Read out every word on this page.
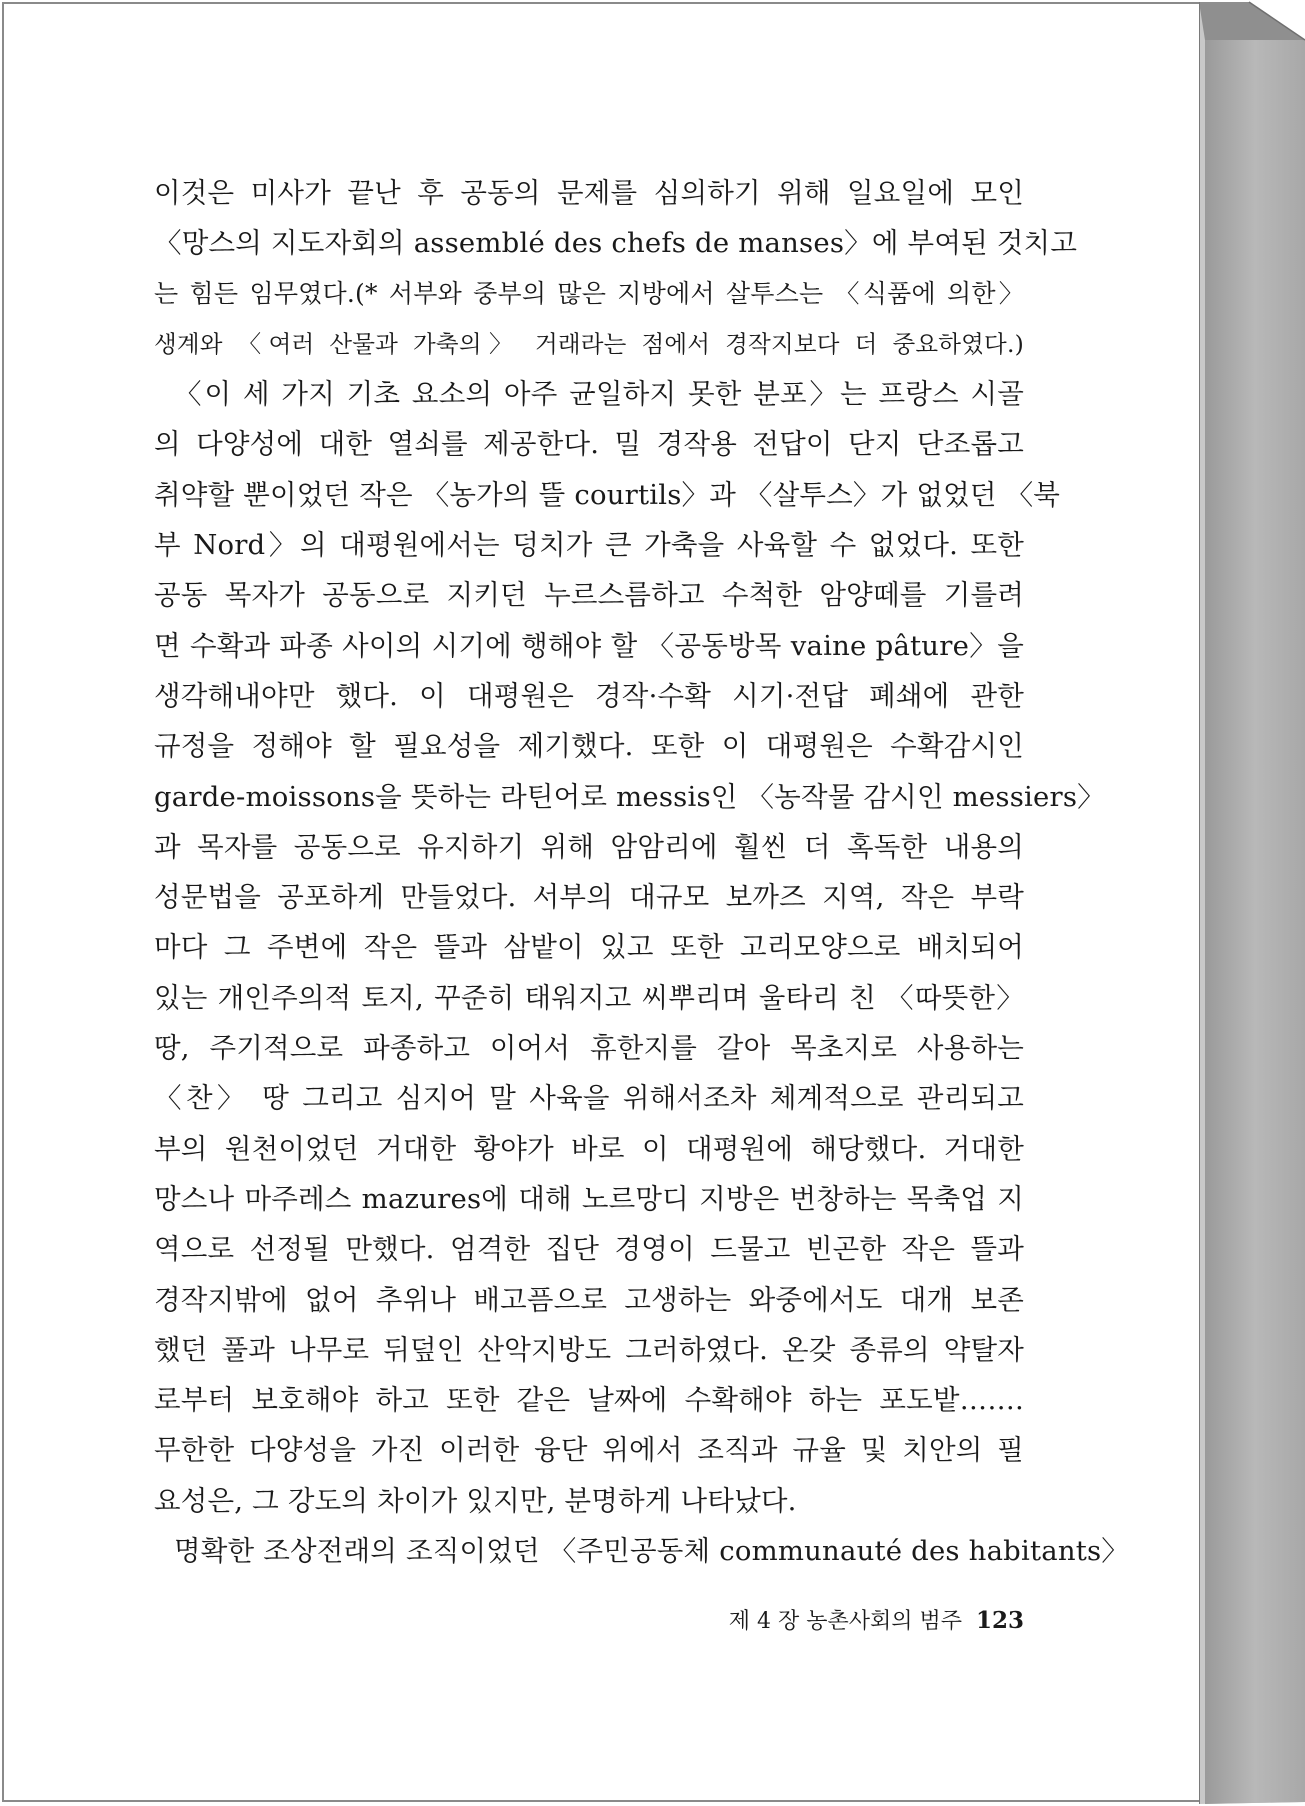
이것은 미사가 끝난 후 공동의 문제를 심의하기 위해 일요일에 모인
〈망스의 지도자회의 assemblé des chefs de manses〉에 부여된 것치고
는 힘든 임무였다.(* 서부와 중부의 많은 지방에서 살투스는 〈식품에 의한〉
생계와 〈여러 산물과 가축의〉 거래라는 점에서 경작지보다 더 중요하였다.)
〈이 세 가지 기초 요소의 아주 균일하지 못한 분포〉는 프랑스 시골
의 다양성에 대한 열쇠를 제공한다. 밀 경작용 전답이 단지 단조롭고
취약할 뿐이었던 작은 〈농가의 뜰 courtils〉과 〈살투스〉가 없었던 〈북
부 Nord〉의 대평원에서는 덩치가 큰 가축을 사육할 수 없었다. 또한
공동 목자가 공동으로 지키던 누르스름하고 수척한 암양떼를 기를려
면 수확과 파종 사이의 시기에 행해야 할 〈공동방목 vaine pâture〉을
생각해내야만 했다. 이 대평원은 경작·수확 시기·전답 폐쇄에 관한
규정을 정해야 할 필요성을 제기했다. 또한 이 대평원은 수확감시인
garde-moissons을 뜻하는 라틴어로 messis인 〈농작물 감시인 messiers〉
과 목자를 공동으로 유지하기 위해 암암리에 훨씬 더 혹독한 내용의
성문법을 공포하게 만들었다. 서부의 대규모 보까즈 지역, 작은 부락
마다 그 주변에 작은 뜰과 삼밭이 있고 또한 고리모양으로 배치되어
있는 개인주의적 토지, 꾸준히 태워지고 씨뿌리며 울타리 친 〈따뜻한〉
땅, 주기적으로 파종하고 이어서 휴한지를 갈아 목초지로 사용하는
〈찬〉 땅 그리고 심지어 말 사육을 위해서조차 체계적으로 관리되고
부의 원천이었던 거대한 황야가 바로 이 대평원에 해당했다. 거대한
망스나 마주레스 mazures에 대해 노르망디 지방은 번창하는 목축업 지
역으로 선정될 만했다. 엄격한 집단 경영이 드물고 빈곤한 작은 뜰과
경작지밖에 없어 추위나 배고픔으로 고생하는 와중에서도 대개 보존
했던 풀과 나무로 뒤덮인 산악지방도 그러하였다. 온갖 종류의 약탈자
로부터 보호해야 하고 또한 같은 날짜에 수확해야 하는 포도밭…….
무한한 다양성을 가진 이러한 융단 위에서 조직과 규율 및 치안의 필
요성은, 그 강도의 차이가 있지만, 분명하게 나타났다.
명확한 조상전래의 조직이었던 〈주민공동체 communauté des habitants〉
제 4 장 농촌사회의 범주 123
